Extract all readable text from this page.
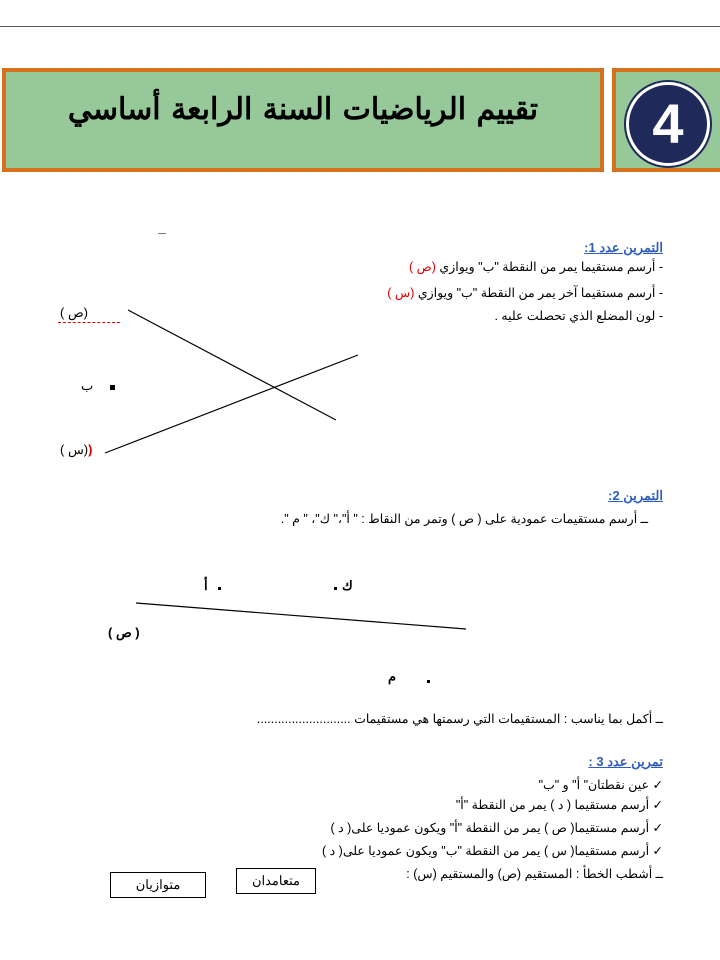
تقييم الرياضيات السنة الرابعة أساسي	4
التمرين عدد 1:
- أرسم مستقيما يمر من النقطة "ب" ويوازي (ص )
- أرسم مستقيما آخر يمر من النقطة "ب" ويوازي (س )
- لون المضلع الذي تحصلت عليه .
(ص )
ب
((س )
التمرين 2:
ــ أرسم مستقيمات عمودية على ( ص ) وتمر من النقاط : " أ"،" ك"، " م ".
أ	ك
( ص )
م
ــ أكمل بما يناسب : المستقيمات التي رسمتها هي مستقيمات ...........................
تمرين عدد 3 :
✓ عين نقطتان" أ" و "ب"
✓ أرسم مستقيما ( د ) يمر من النقطة "أ"
✓ أرسم مستقيما( ص ) يمر من النقطة "أ" ويكون عموديا على( د )
✓ أرسم مستقيما( س ) يمر من النقطة "ب" ويكون عموديا على( د )
ــ أشطب الخطأ : المستقيم (ص) والمستقيم (س) :
متعامدان
متوازيان
